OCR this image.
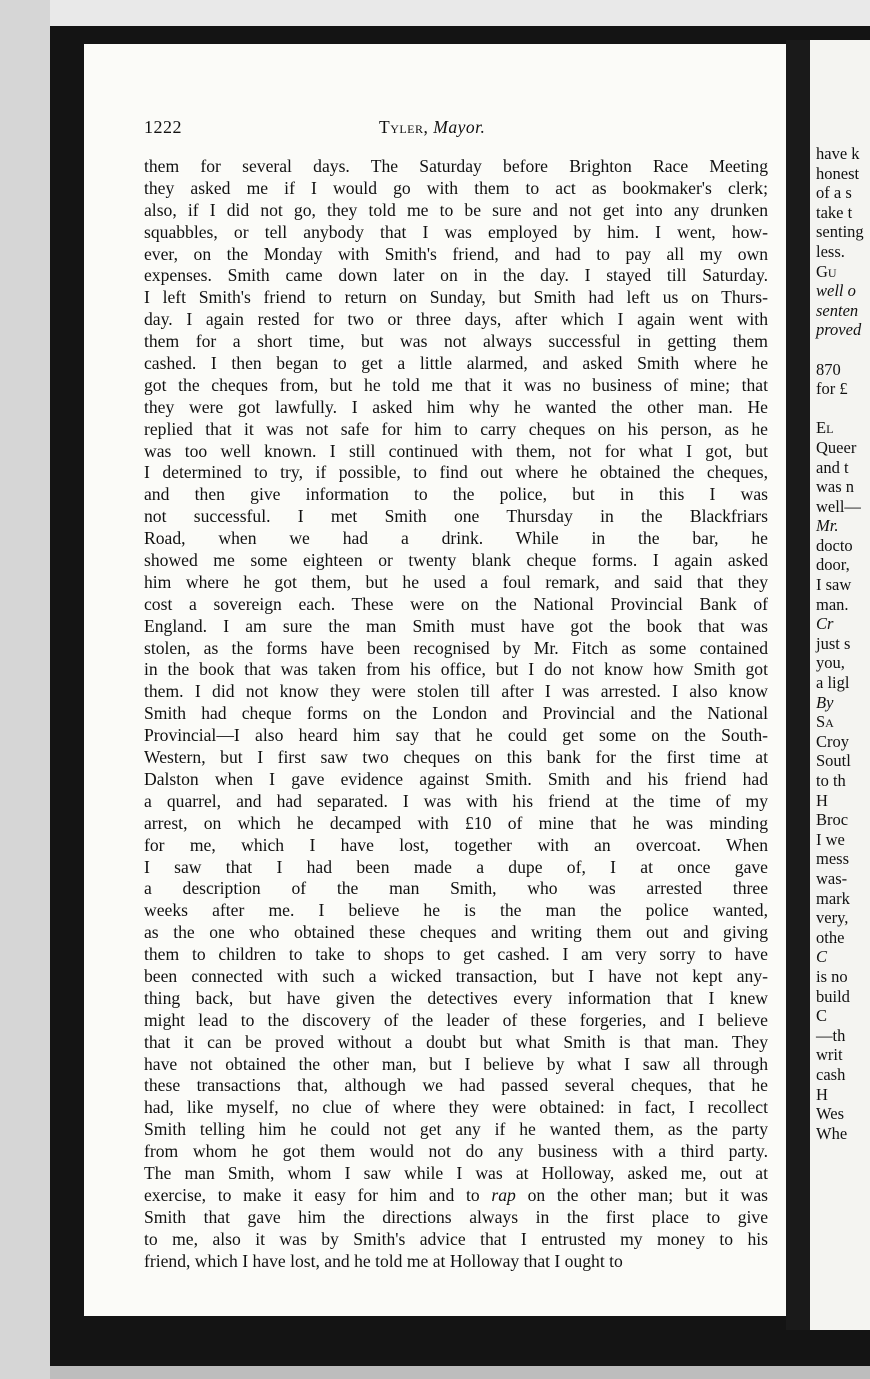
1222	Tyler, Mayor.
them for several days. The Saturday before Brighton Race Meeting
they asked me if I would go with them to act as bookmaker's clerk;
also, if I did not go, they told me to be sure and not get into any drunken
squabbles, or tell anybody that I was employed by him. I went, how-
ever, on the Monday with Smith's friend, and had to pay all my own
expenses. Smith came down later on in the day. I stayed till Saturday.
I left Smith's friend to return on Sunday, but Smith had left us on Thurs-
day. I again rested for two or three days, after which I again went with
them for a short time, but was not always successful in getting them
cashed. I then began to get a little alarmed, and asked Smith where he
got the cheques from, but he told me that it was no business of mine; that
they were got lawfully. I asked him why he wanted the other man. He
replied that it was not safe for him to carry cheques on his person, as he
was too well known. I still continued with them, not for what I got, but
I determined to try, if possible, to find out where he obtained the cheques,
and then give information to the police, but in this I was
not successful. I met Smith one Thursday in the Blackfriars
Road, when we had a drink. While in the bar, he
showed me some eighteen or twenty blank cheque forms. I again asked
him where he got them, but he used a foul remark, and said that they
cost a sovereign each. These were on the National Provincial Bank of
England. I am sure the man Smith must have got the book that was
stolen, as the forms have been recognised by Mr. Fitch as some contained
in the book that was taken from his office, but I do not know how Smith got
them. I did not know they were stolen till after I was arrested. I also know
Smith had cheque forms on the London and Provincial and the National
Provincial—I also heard him say that he could get some on the South-
Western, but I first saw two cheques on this bank for the first time at
Dalston when I gave evidence against Smith. Smith and his friend had
a quarrel, and had separated. I was with his friend at the time of my
arrest, on which he decamped with £10 of mine that he was minding
for me, which I have lost, together with an overcoat. When
I saw that I had been made a dupe of, I at once gave
a description of the man Smith, who was arrested three
weeks after me. I believe he is the man the police wanted,
as the one who obtained these cheques and writing them out and giving
them to children to take to shops to get cashed. I am very sorry to have
been connected with such a wicked transaction, but I have not kept any-
thing back, but have given the detectives every information that I knew
might lead to the discovery of the leader of these forgeries, and I believe
that it can be proved without a doubt but what Smith is that man. They
have not obtained the other man, but I believe by what I saw all through
these transactions that, although we had passed several cheques, that he
had, like myself, no clue of where they were obtained: in fact, I recollect
Smith telling him he could not get any if he wanted them, as the party
from whom he got them would not do any business with a third party.
The man Smith, whom I saw while I was at Holloway, asked me, out at
exercise, to make it easy for him and to rap on the other man; but it was
Smith that gave him the directions always in the first place to give
to me, also it was by Smith's advice that I entrusted my money to his
friend, which I have lost, and he told me at Holloway that I ought to
have k
honest
of a s
take t
senting
less.
Gu
well o
senten
proved
870
for £
El
Queer
and t
was n
well—
Mr.
docto
door,
I saw
man.
Cr
just s
you,
a ligl
By
Sa
Croy
Soutl
to th
H
Broc
I we
mess
was-
mark
very,
othe
C
is no
build
C
—th
writ
cash
H
Wes
Whe
